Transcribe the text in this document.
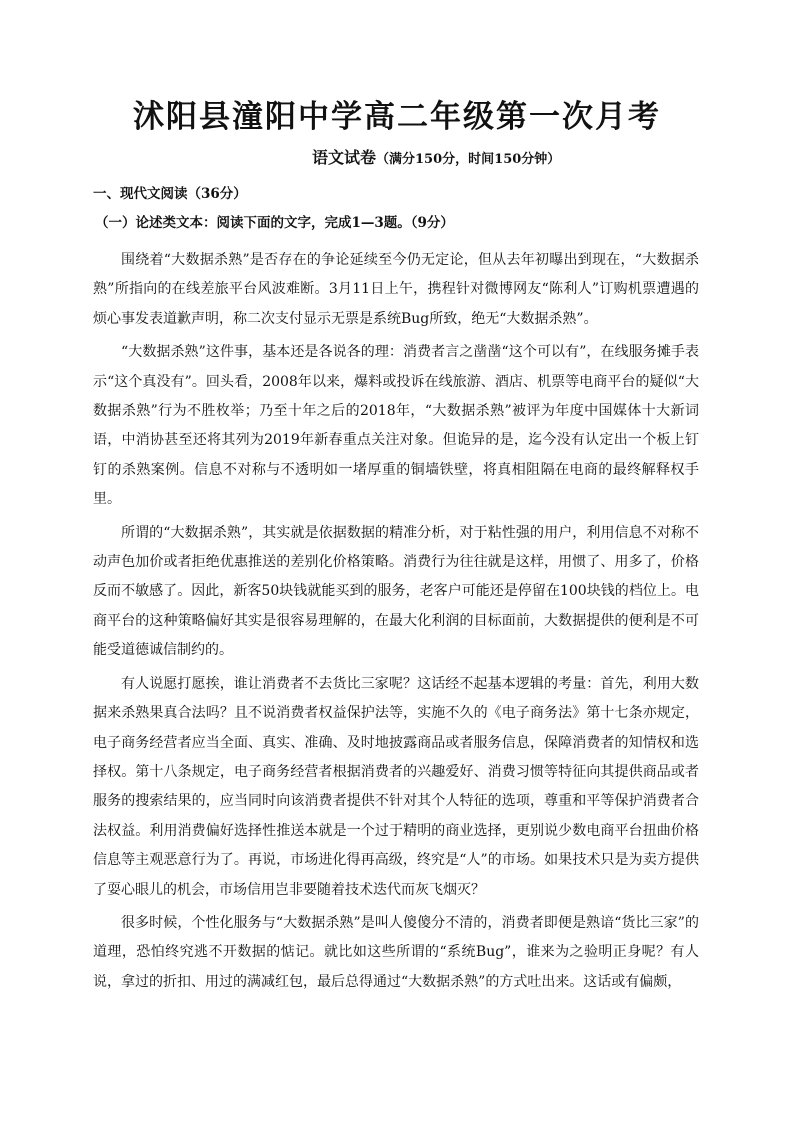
沭阳县潼阳中学高二年级第一次月考
语文试卷（满分150分，时间150分钟）
一、现代文阅读（36分）
（一）论述类文本：阅读下面的文字，完成1—3题。（9分）

围绕着“大数据杀熟”是否存在的争论延续至今仍无定论，但从去年初曝出到现在，“大数据杀熟”所指向的在线差旅平台风波难断。3月11日上午，携程针对微博网友“陈利人”订购机票遭遇的烦心事发表道歉声明，称二次支付显示无票是系统Bug所致，绝无“大数据杀熟”。

“大数据杀熟”这件事，基本还是各说各的理：消费者言之凿凿“这个可以有”，在线服务摊手表示“这个真没有”。回头看，2008年以来，爆料或投诉在线旅游、酒店、机票等电商平台的疑似“大数据杀熟”行为不胜枚举；乃至十年之后的2018年，“大数据杀熟”被评为年度中国媒体十大新词语，中消协甚至还将其列为2019年新春重点关注对象。但诡异的是，迄今没有认定出一个板上钉钉的杀熟案例。信息不对称与不透明如一堵厚重的铜墙铁壁，将真相阻隔在电商的最终解释权手里。

所谓的“大数据杀熟”，其实就是依据数据的精准分析，对于粘性强的用户，利用信息不对称不动声色加价或者拒绝优惠推送的差别化价格策略。消费行为往往就是这样，用惯了、用多了，价格反而不敏感了。因此，新客50块钱就能买到的服务，老客户可能还是停留在100块钱的档位上。电商平台的这种策略偏好其实是很容易理解的，在最大化利润的目标面前，大数据提供的便利是不可能受道德诚信制约的。

有人说愿打愿挨，谁让消费者不去货比三家呢？这话经不起基本逻辑的考量：首先，利用大数据来杀熟果真合法吗？且不说消费者权益保护法等，实施不久的《电子商务法》第十七条亦规定，电子商务经营者应当全面、真实、准确、及时地披露商品或者服务信息，保障消费者的知情权和选择权。第十八条规定，电子商务经营者根据消费者的兴趣爱好、消费习惯等特征向其提供商品或者服务的搜索结果的，应当同时向该消费者提供不针对其个人特征的选项，尊重和平等保护消费者合法权益。利用消费偏好选择性推送本就是一个过于精明的商业选择，更别说少数电商平台扭曲价格信息等主观恶意行为了。再说，市场进化得再高级，终究是“人”的市场。如果技术只是为卖方提供了耍心眼儿的机会，市场信用岂非要随着技术迭代而灰飞烟灭？

很多时候，个性化服务与“大数据杀熟”是叫人傻傻分不清的，消费者即便是熟谙“货比三家”的道理，恐怕终究逃不开数据的惦记。就比如这些所谓的“系统Bug”，谁来为之验明正身呢？有人说，拿过的折扣、用过的满减红包，最后总得通过“大数据杀熟”的方式吐出来。这话或有偏颇，
